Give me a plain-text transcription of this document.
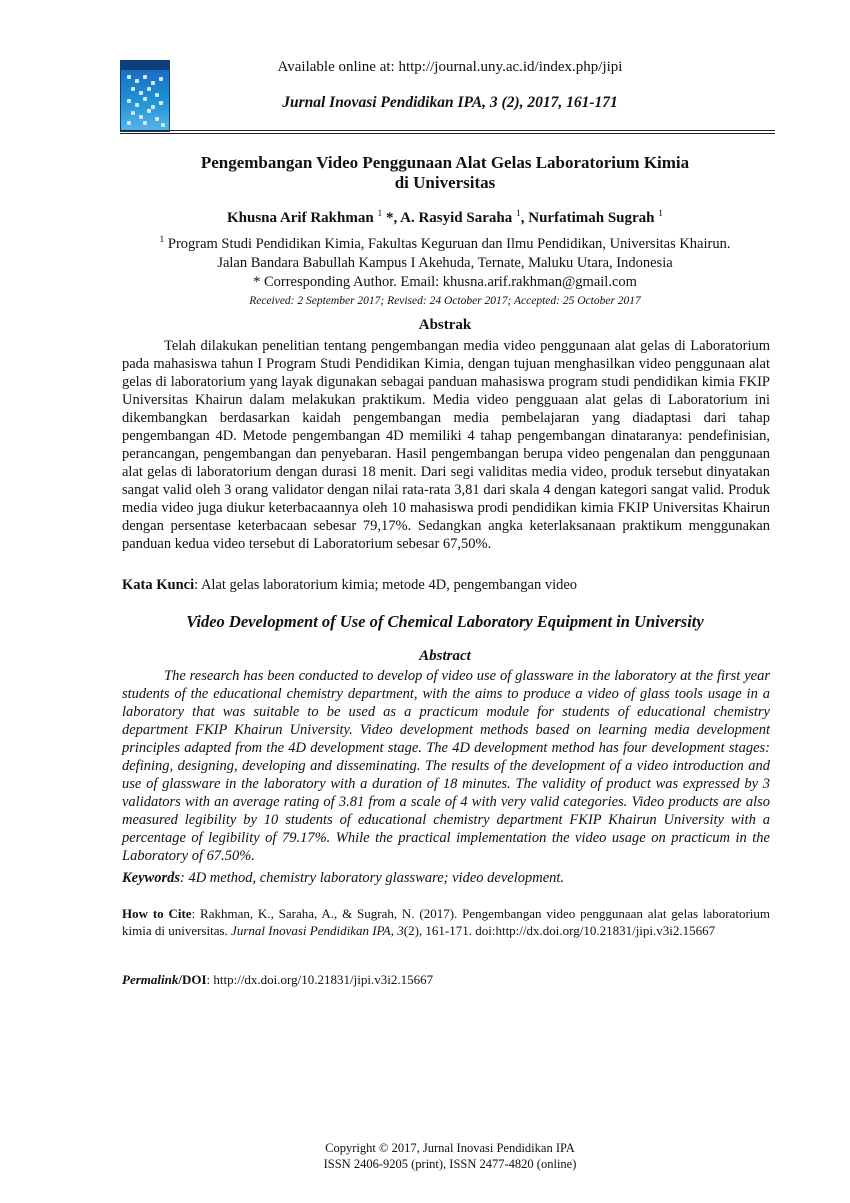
Available online at: http://journal.uny.ac.id/index.php/jipi
Jurnal Inovasi Pendidikan IPA, 3 (2), 2017, 161-171
Pengembangan Video Penggunaan Alat Gelas Laboratorium Kimia
di Universitas
Khusna Arif Rakhman $^1$ *, A. Rasyid Saraha $^1$, Nurfatimah Sugrah $^1$
$^1$ Program Studi Pendidikan Kimia, Fakultas Keguruan dan Ilmu Pendidikan, Universitas Khairun.
Jalan Bandara Babullah Kampus I Akehuda, Ternate, Maluku Utara, Indonesia
* Corresponding Author. Email: khusna.arif.rakhman@gmail.com
Received: 2 September 2017; Revised: 24 October 2017; Accepted: 25 October 2017
Abstrak

Telah dilakukan penelitian tentang pengembangan media video penggunaan alat gelas di Laboratorium pada mahasiswa tahun I Program Studi Pendidikan Kimia, dengan tujuan menghasilkan video penggunaan alat gelas di laboratorium yang layak digunakan sebagai panduan mahasiswa program studi pendidikan kimia FKIP Universitas Khairun dalam melakukan praktikum. Media video pengguaan alat gelas di Laboratorium ini dikembangkan berdasarkan kaidah pengembangan media pembelajaran yang diadaptasi dari tahap pengembangan 4D. Metode pengembangan 4D memiliki 4 tahap pengembangan dinataranya: pendefinisian, perancangan, pengembangan dan penyebaran. Hasil pengembangan berupa video pengenalan dan penggunaan alat gelas di laboratorium dengan durasi 18 menit. Dari segi validitas media video, produk tersebut dinyatakan sangat valid oleh 3 orang validator dengan nilai rata-rata 3,81 dari skala 4 dengan kategori sangat valid. Produk media video juga diukur keterbacaannya oleh 10 mahasiswa prodi pendidikan kimia FKIP Universitas Khairun dengan persentase keterbacaan sebesar 79,17%. Sedangkan angka keterlaksanaan praktikum menggunakan panduan kedua video tersebut di Laboratorium sebesar 67,50%.

Kata Kunci: Alat gelas laboratorium kimia; metode 4D, pengembangan video
Video Development of Use of Chemical Laboratory Equipment in University
Abstract

The research has been conducted to develop of video use of glassware in the laboratory at the first year students of the educational chemistry department, with the aims to produce a video of glass tools usage in a laboratory that was suitable to be used as a practicum module for students of educational chemistry department FKIP Khairun University. Video development methods based on learning media development principles adapted from the 4D development stage. The 4D development method has four development stages: defining, designing, developing and disseminating. The results of the development of a video introduction and use of glassware in the laboratory with a duration of 18 minutes. The validity of product was expressed by 3 validators with an average rating of 3.81 from a scale of 4 with very valid categories. Video products are also measured legibility by 10 students of educational chemistry department FKIP Khairun University with a percentage of legibility of 79.17%. While the practical implementation the video usage on practicum in the Laboratory of 67.50%.

Keywords: 4D method, chemistry laboratory glassware; video development.

How to Cite: Rakhman, K., Saraha, A., & Sugrah, N. (2017). Pengembangan video penggunaan alat gelas laboratorium kimia di universitas. Jurnal Inovasi Pendidikan IPA, 3(2), 161-171. doi:http://dx.doi.org/10.21831/jipi.v3i2.15667

Permalink/DOI: http://dx.doi.org/10.21831/jipi.v3i2.15667
Copyright © 2017, Jurnal Inovasi Pendidikan IPA
ISSN 2406-9205 (print), ISSN 2477-4820 (online)
